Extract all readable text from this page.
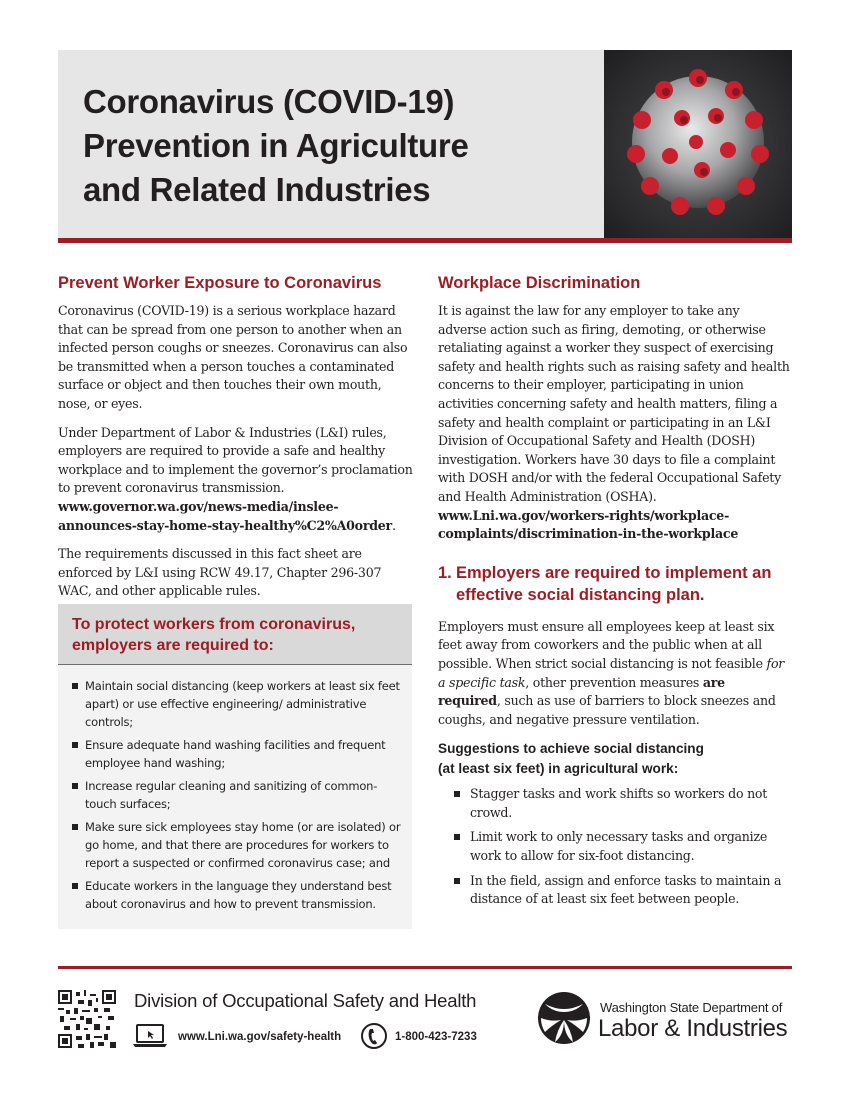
Coronavirus (COVID-19)
Prevention in Agriculture
and Related Industries
Prevent Worker Exposure to Coronavirus
Coronavirus (COVID-19) is a serious workplace hazard that can be spread from one person to another when an infected person coughs or sneezes. Coronavirus can also be transmitted when a person touches a contaminated surface or object and then touches their own mouth, nose, or eyes.
Under Department of Labor & Industries (L&I) rules, employers are required to provide a safe and healthy workplace and to implement the governor’s proclamation to prevent coronavirus transmission. www.governor.wa.gov/news-media/inslee-announces-stay-home-stay-healthy%C2%A0order.
The requirements discussed in this fact sheet are enforced by L&I using RCW 49.17, Chapter 296-307 WAC, and other applicable rules.
To protect workers from coronavirus, employers are required to:
Maintain social distancing (keep workers at least six feet apart) or use effective engineering/ administrative controls;
Ensure adequate hand washing facilities and frequent employee hand washing;
Increase regular cleaning and sanitizing of common-touch surfaces;
Make sure sick employees stay home (or are isolated) or go home, and that there are procedures for workers to report a suspected or confirmed coronavirus case; and
Educate workers in the language they understand best about coronavirus and how to prevent transmission.
Workplace Discrimination
It is against the law for any employer to take any adverse action such as firing, demoting, or otherwise retaliating against a worker they suspect of exercising safety and health rights such as raising safety and health concerns to their employer, participating in union activities concerning safety and health matters, filing a safety and health complaint or participating in an L&I Division of Occupational Safety and Health (DOSH) investigation. Workers have 30 days to file a complaint with DOSH and/or with the federal Occupational Safety and Health Administration (OSHA). www.Lni.wa.gov/workers-rights/workplace-complaints/discrimination-in-the-workplace
1. Employers are required to implement an effective social distancing plan.
Employers must ensure all employees keep at least six feet away from coworkers and the public when at all possible. When strict social distancing is not feasible for a specific task, other prevention measures are required, such as use of barriers to block sneezes and coughs, and negative pressure ventilation.
Suggestions to achieve social distancing
(at least six feet) in agricultural work:
Stagger tasks and work shifts so workers do not crowd.
Limit work to only necessary tasks and organize work to allow for six-foot distancing.
In the field, assign and enforce tasks to maintain a distance of at least six feet between people.
Division of Occupational Safety and Health
www.Lni.wa.gov/safety-health	1-800-423-7233
Washington State Department of
Labor & Industries
